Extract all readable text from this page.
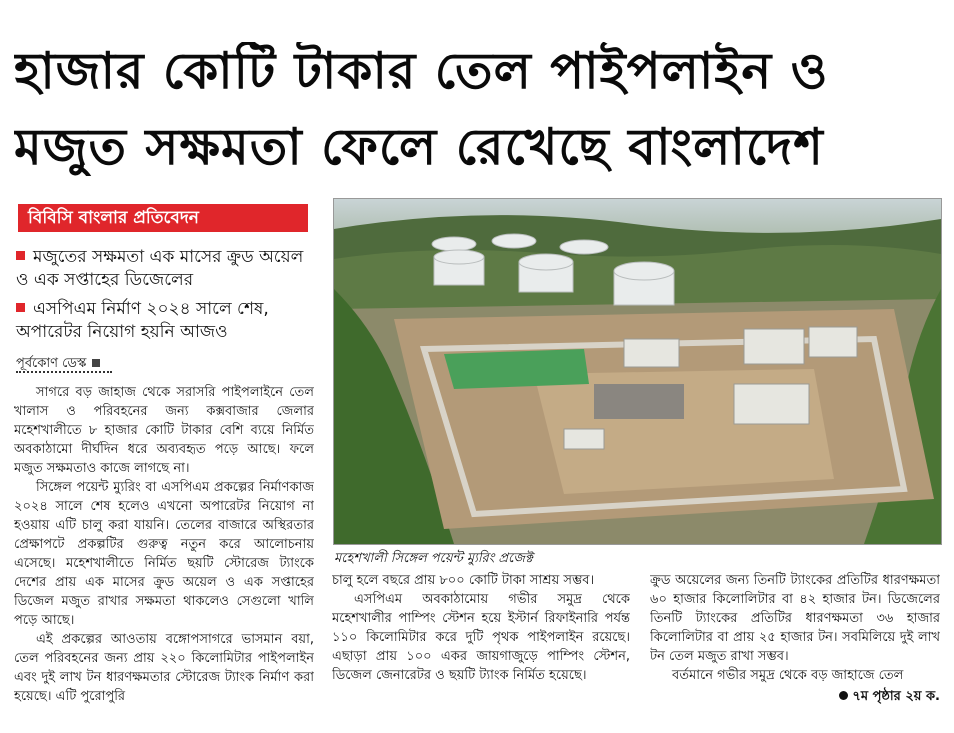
হাজার কোটি টাকার তেল পাইপলাইন ও
মজুত সক্ষমতা ফেলে রেখেছে বাংলাদেশ
বিবিসি বাংলার প্রতিবেদন
মজুতের সক্ষমতা এক মাসের ক্রুড অয়েল ও এক সপ্তাহের ডিজেলের
এসপিএম নির্মাণ ২০২৪ সালে শেষ, অপারেটর নিয়োগ হয়নি আজও
পূর্বকোণ ডেস্ক

সাগরে বড় জাহাজ থেকে সরাসরি পাইপলাইনে তেল খালাস ও পরিবহনের জন্য কক্সবাজার জেলার মহেশখালীতে ৮ হাজার কোটি টাকার বেশি ব্যয়ে নির্মিত অবকাঠামো দীর্ঘদিন ধরে অব্যবহৃত পড়ে আছে। ফলে মজুত সক্ষমতাও কাজে লাগছে না।

সিঙ্গেল পয়েন্ট ম্যুরিং বা এসপিএম প্রকল্পের নির্মাণকাজ ২০২৪ সালে শেষ হলেও এখনো অপারেটর নিয়োগ না হওয়ায় এটি চালু করা যায়নি। তেলের বাজারে অস্থিরতার প্রেক্ষাপটে প্রকল্পটির গুরুত্ব নতুন করে আলোচনায় এসেছে। মহেশখালীতে নির্মিত ছয়টি স্টোরেজ ট্যাংকে দেশের প্রায় এক মাসের ক্রুড অয়েল ও এক সপ্তাহের ডিজেল মজুত রাখার সক্ষমতা থাকলেও সেগুলো খালি পড়ে আছে।

এই প্রকল্পের আওতায় বঙ্গোপসাগরে ভাসমান বয়া, তেল পরিবহনের জন্য প্রায় ২২০ কিলোমিটার পাইপলাইন এবং দুই লাখ টন ধারণক্ষমতার স্টোরেজ ট্যাংক নির্মাণ করা হয়েছে। এটি পুরোপুরি

মহেশখালী সিঙ্গেল পয়েন্ট ম্যুরিং প্রজেক্ট

চালু হলে বছরে প্রায় ৮০০ কোটি টাকা সাশ্রয় সম্ভব।

এসপিএম অবকাঠামোয় গভীর সমুদ্র থেকে মহেশখালীর পাম্পিং স্টেশন হয়ে ইস্টার্ন রিফাইনারি পর্যন্ত ১১০ কিলোমিটার করে দুটি পৃথক পাইপলাইন রয়েছে। এছাড়া প্রায় ১০০ একর জায়গাজুড়ে পাম্পিং স্টেশন, ডিজেল জেনারেটর ও ছয়টি ট্যাংক নির্মিত হয়েছে।

ক্রুড অয়েলের জন্য তিনটি ট্যাংকের প্রতিটির ধারণক্ষমতা ৬০ হাজার কিলোলিটার বা ৪২ হাজার টন। ডিজেলের তিনটি ট্যাংকের প্রতিটির ধারণক্ষমতা ৩৬ হাজার কিলোলিটার বা প্রায় ২৫ হাজার টন। সবমিলিয়ে দুই লাখ টন তেল মজুত রাখা সম্ভব।

বর্তমানে গভীর সমুদ্র থেকে বড় জাহাজে তেল

৭ম পৃষ্ঠার ২য় ক.
